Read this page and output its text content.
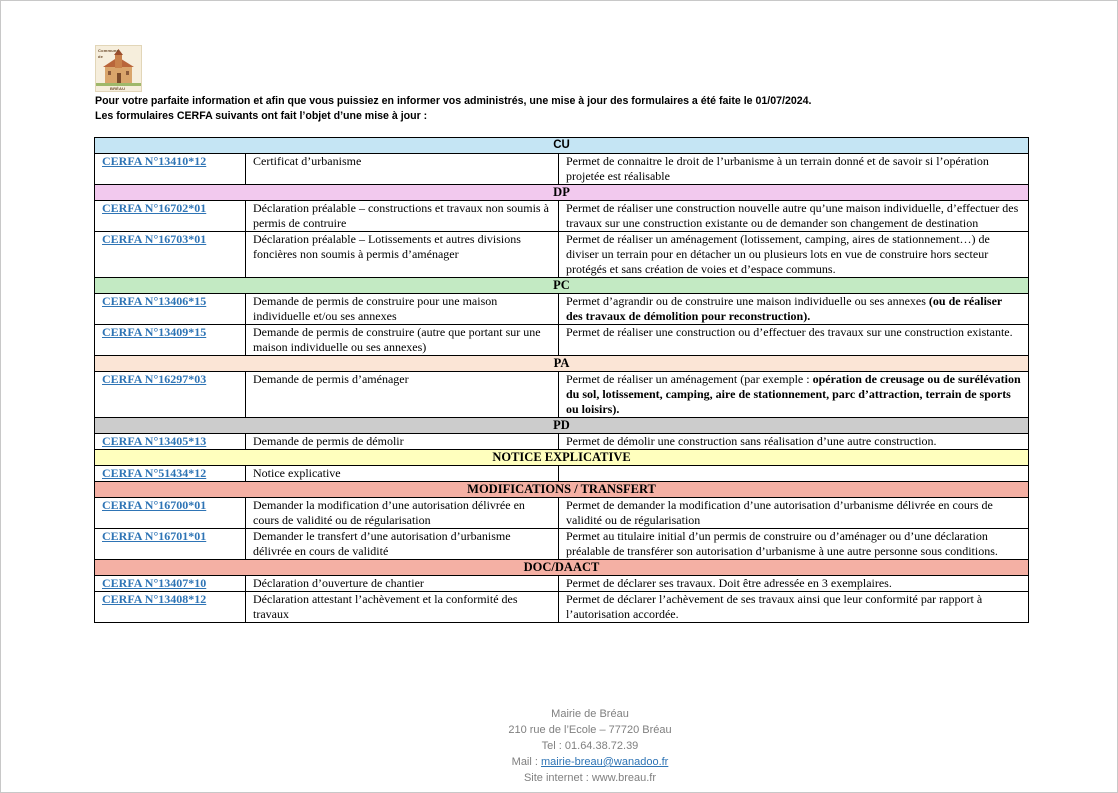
Commune
de
BRÉAU
Pour votre parfaite information et afin que vous puissiez en informer vos administrés, une mise à jour des formulaires a été faite le 01/07/2024.
Les formulaires CERFA suivants ont fait l’objet d’une mise à jour :
CU		
CERFA N°13410*12	Certificat d’urbanisme	Permet de connaitre le droit de l’urbanisme à un terrain donné et de savoir si l’opération projetée est réalisable
DP		
CERFA N°16702*01	Déclaration préalable – constructions et travaux non soumis à permis de contruire	Permet de réaliser une construction nouvelle autre qu’une maison individuelle, d’effectuer des travaux sur une construction existante ou de demander son changement de destination
CERFA N°16703*01	Déclaration préalable – Lotissements et autres divisions foncières non soumis à permis d’aménager	Permet de réaliser un aménagement (lotissement, camping, aires de stationnement…) de diviser un terrain pour en détacher un ou plusieurs lots en vue de construire hors secteur protégés et sans création de voies et d’espace communs.
PC		
CERFA N°13406*15	Demande de permis de construire pour une maison individuelle et/ou ses annexes	Permet d’agrandir ou de construire une maison individuelle ou ses annexes (ou de réaliser des travaux de démolition pour reconstruction).
CERFA N°13409*15	Demande de permis de construire (autre que portant sur une maison individuelle ou ses annexes)	Permet de réaliser une construction ou d’effectuer des travaux sur une construction existante.
PA		
CERFA N°16297*03	Demande de permis d’aménager	Permet de réaliser un aménagement (par exemple : opération de creusage ou de surélévation du sol, lotissement, camping, aire de stationnement, parc d’attraction, terrain de sports ou loisirs).
PD		
CERFA N°13405*13	Demande de permis de démolir	Permet de démolir une construction sans réalisation d’une autre construction.
NOTICE EXPLICATIVE		
CERFA N°51434*12	Notice explicative	
MODIFICATIONS / TRANSFERT		
CERFA N°16700*01	Demander la modification d’une autorisation délivrée en cours de validité ou de régularisation	Permet de demander la modification d’une autorisation d’urbanisme délivrée en cours de validité ou de régularisation
CERFA N°16701*01	Demander le transfert d’une autorisation d’urbanisme délivrée en cours de validité	Permet au titulaire initial d’un permis de construire ou d’aménager ou d’une déclaration préalable de transférer son autorisation d’urbanisme à une autre personne sous conditions.
DOC/DAACT		
CERFA N°13407*10	Déclaration d’ouverture de chantier	Permet de déclarer ses travaux. Doit être adressée en 3 exemplaires.
CERFA N°13408*12	Déclaration attestant l’achèvement et la conformité des travaux	Permet de déclarer l’achèvement de ses travaux ainsi que leur conformité par rapport à l’autorisation accordée.
Mairie de Bréau
210 rue de l’Ecole – 77720 Bréau
Tel : 01.64.38.72.39
Mail : mairie-breau@wanadoo.fr
Site internet : www.breau.fr
